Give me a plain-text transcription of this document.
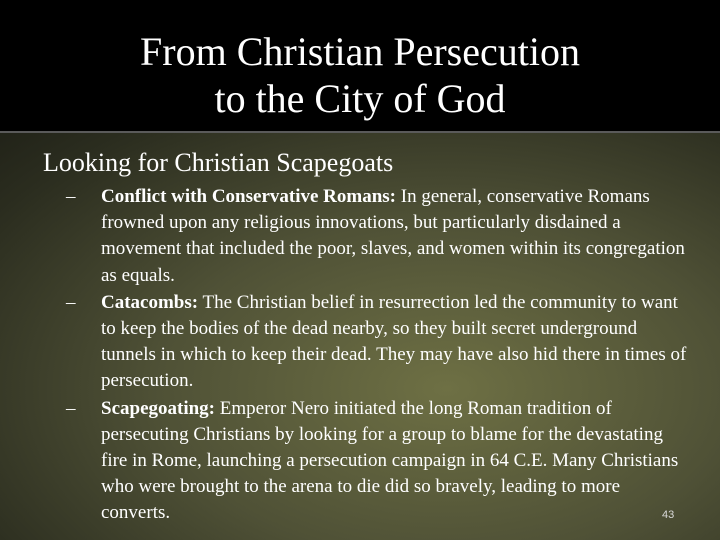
From Christian Persecution
to the City of God
Looking for Christian Scapegoats
–	Conflict with Conservative Romans: In general, conservative Romans frowned upon any religious innovations, but particularly disdained a movement that included the poor, slaves, and women within its congregation as equals.
–	Catacombs: The Christian belief in resurrection led the community to want to keep the bodies of the dead nearby, so they built secret underground tunnels in which to keep their dead. They may have also hid there in times of persecution.
–	Scapegoating: Emperor Nero initiated the long Roman tradition of persecuting Christians by looking for a group to blame for the devastating fire in Rome, launching a persecution campaign in 64 C.E. Many Christians who were brought to the arena to die did so bravely, leading to more converts.	43
